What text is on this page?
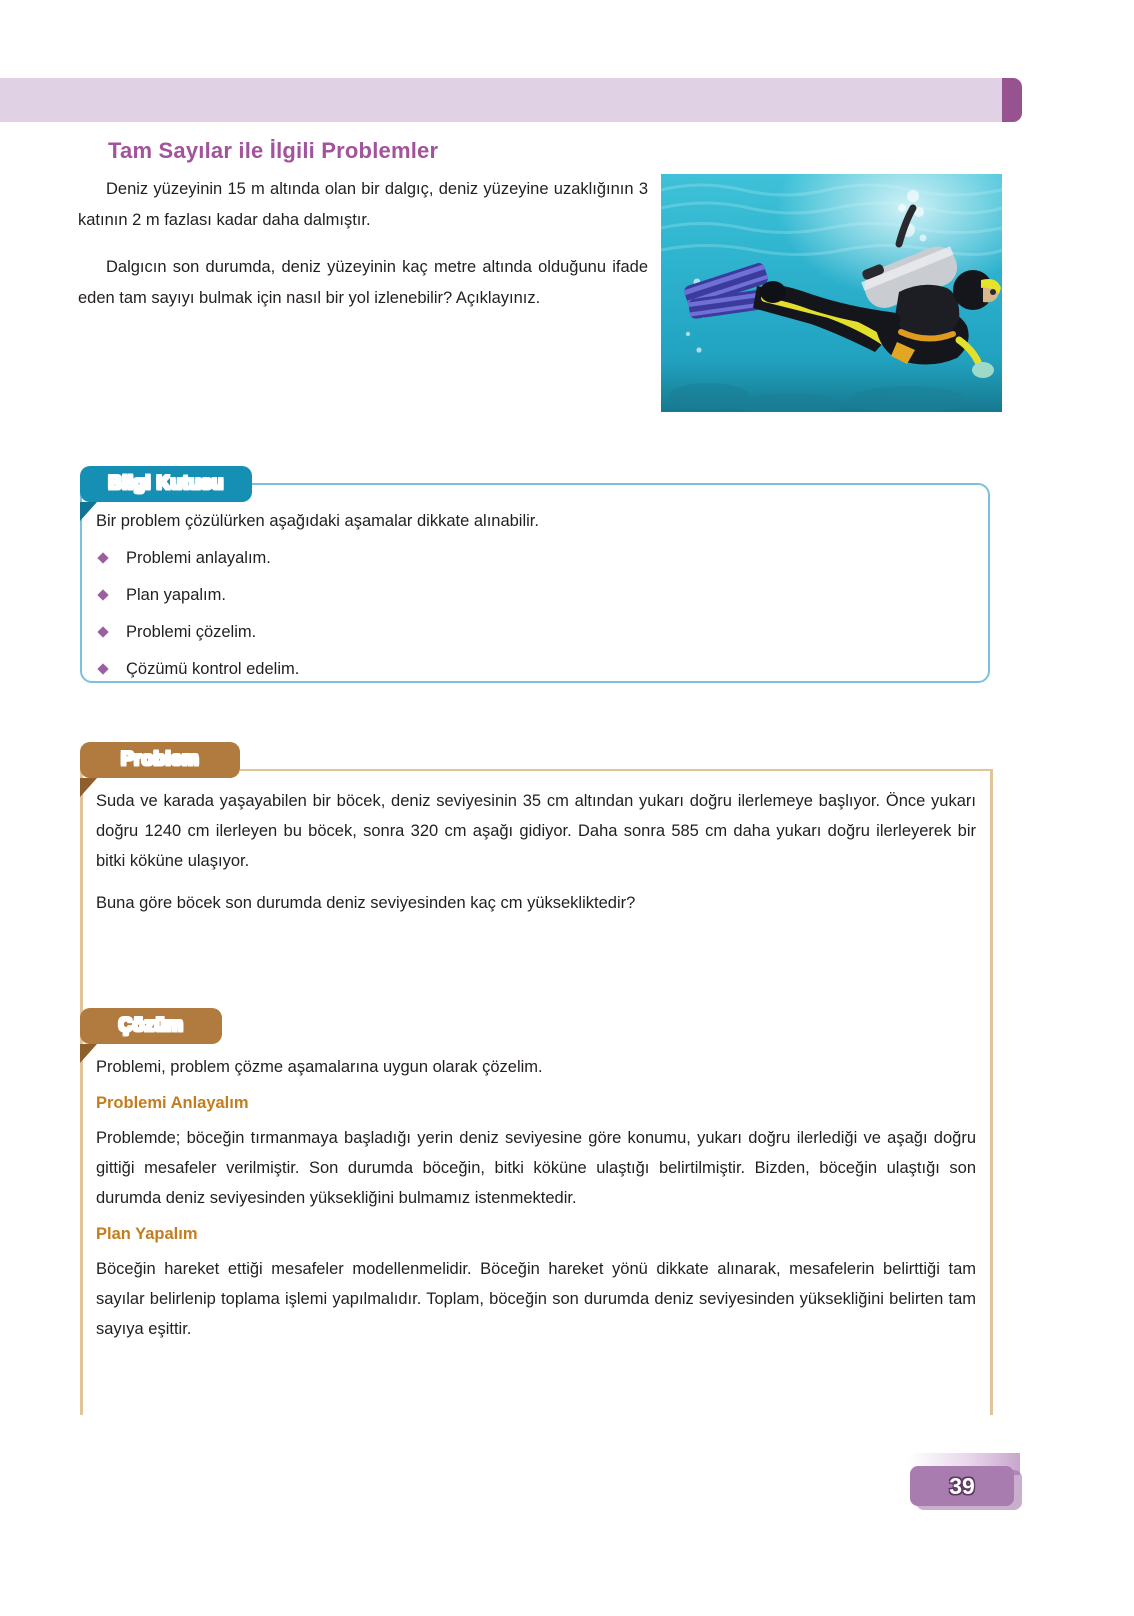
Tam Sayılar ile İlgili Problemler

Deniz yüzeyinin 15 m altında olan bir dalgıç, deniz yüzeyine uzaklığının 3 katının 2 m fazlası kadar daha dalmıştır.

Dalgıcın son durumda, deniz yüzeyinin kaç metre altında olduğunu ifade eden tam sayıyı bulmak için nasıl bir yol izlenebilir? Açıklayınız.

Bilgi Kutusu
Bir problem çözülürken aşağıdaki aşamalar dikkate alınabilir.
Problemi anlayalım.
Plan yapalım.
Problemi çözelim.
Çözümü kontrol edelim.
Problem

Suda ve karada yaşayabilen bir böcek, deniz seviyesinin 35 cm altından yukarı doğru ilerlemeye başlıyor. Önce yukarı doğru 1240 cm ilerleyen bu böcek, sonra 320 cm aşağı gidiyor. Daha sonra 585 cm daha yukarı doğru ilerleyerek bir bitki köküne ulaşıyor.

Buna göre böcek son durumda deniz seviyesinden kaç cm yüksekliktedir?

Çözüm

Problemi, problem çözme aşamalarına uygun olarak çözelim.

Problemi Anlayalım

Problemde; böceğin tırmanmaya başladığı yerin deniz seviyesine göre konumu, yukarı doğru ilerlediği ve aşağı doğru gittiği mesafeler verilmiştir. Son durumda böceğin, bitki köküne ulaştığı belirtilmiştir. Bizden, böceğin ulaştığı son durumda deniz seviyesinden yüksekliğini bulmamız istenmektedir.

Plan Yapalım

Böceğin hareket ettiği mesafeler modellenmelidir. Böceğin hareket yönü dikkate alınarak, mesafelerin belirttiği tam sayılar belirlenip toplama işlemi yapılmalıdır. Toplam, böceğin son durumda deniz seviyesinden yüksekliğini belirten tam sayıya eşittir.

39
